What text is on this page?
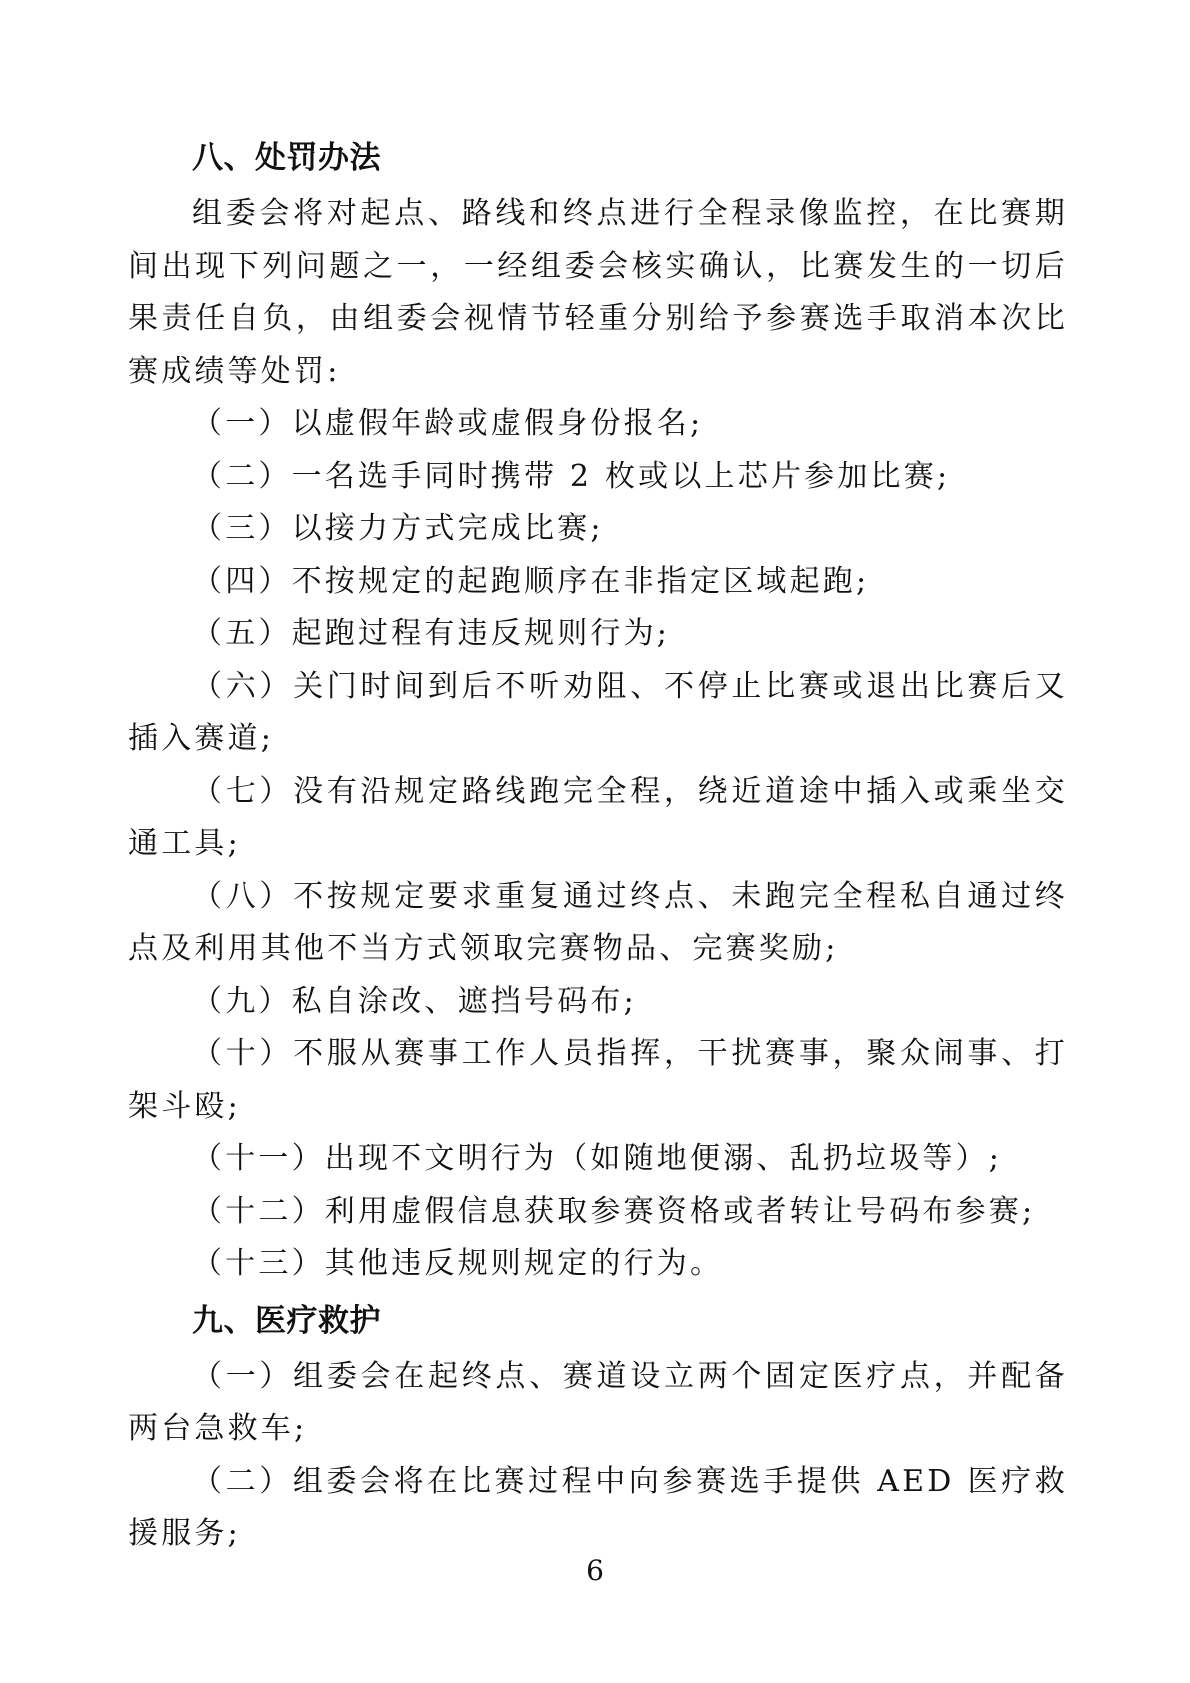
八、处罚办法

组委会将对起点、路线和终点进行全程录像监控，在比赛期间出现下列问题之一，一经组委会核实确认，比赛发生的一切后果责任自负，由组委会视情节轻重分别给予参赛选手取消本次比赛成绩等处罚:

（一）以虚假年龄或虚假身份报名;

（二）一名选手同时携带 2 枚或以上芯片参加比赛;

（三）以接力方式完成比赛;

（四）不按规定的起跑顺序在非指定区域起跑;

（五）起跑过程有违反规则行为;

（六）关门时间到后不听劝阻、不停止比赛或退出比赛后又插入赛道;

（七）没有沿规定路线跑完全程，绕近道途中插入或乘坐交通工具;

（八）不按规定要求重复通过终点、未跑完全程私自通过终点及利用其他不当方式领取完赛物品、完赛奖励;

（九）私自涂改、遮挡号码布;

（十）不服从赛事工作人员指挥，干扰赛事，聚众闹事、打架斗殴;

（十一）出现不文明行为（如随地便溺、乱扔垃圾等）;

（十二）利用虚假信息获取参赛资格或者转让号码布参赛;

（十三）其他违反规则规定的行为。

九、医疗救护

（一）组委会在起终点、赛道设立两个固定医疗点，并配备两台急救车;

（二）组委会将在比赛过程中向参赛选手提供 AED 医疗救援服务;

6
